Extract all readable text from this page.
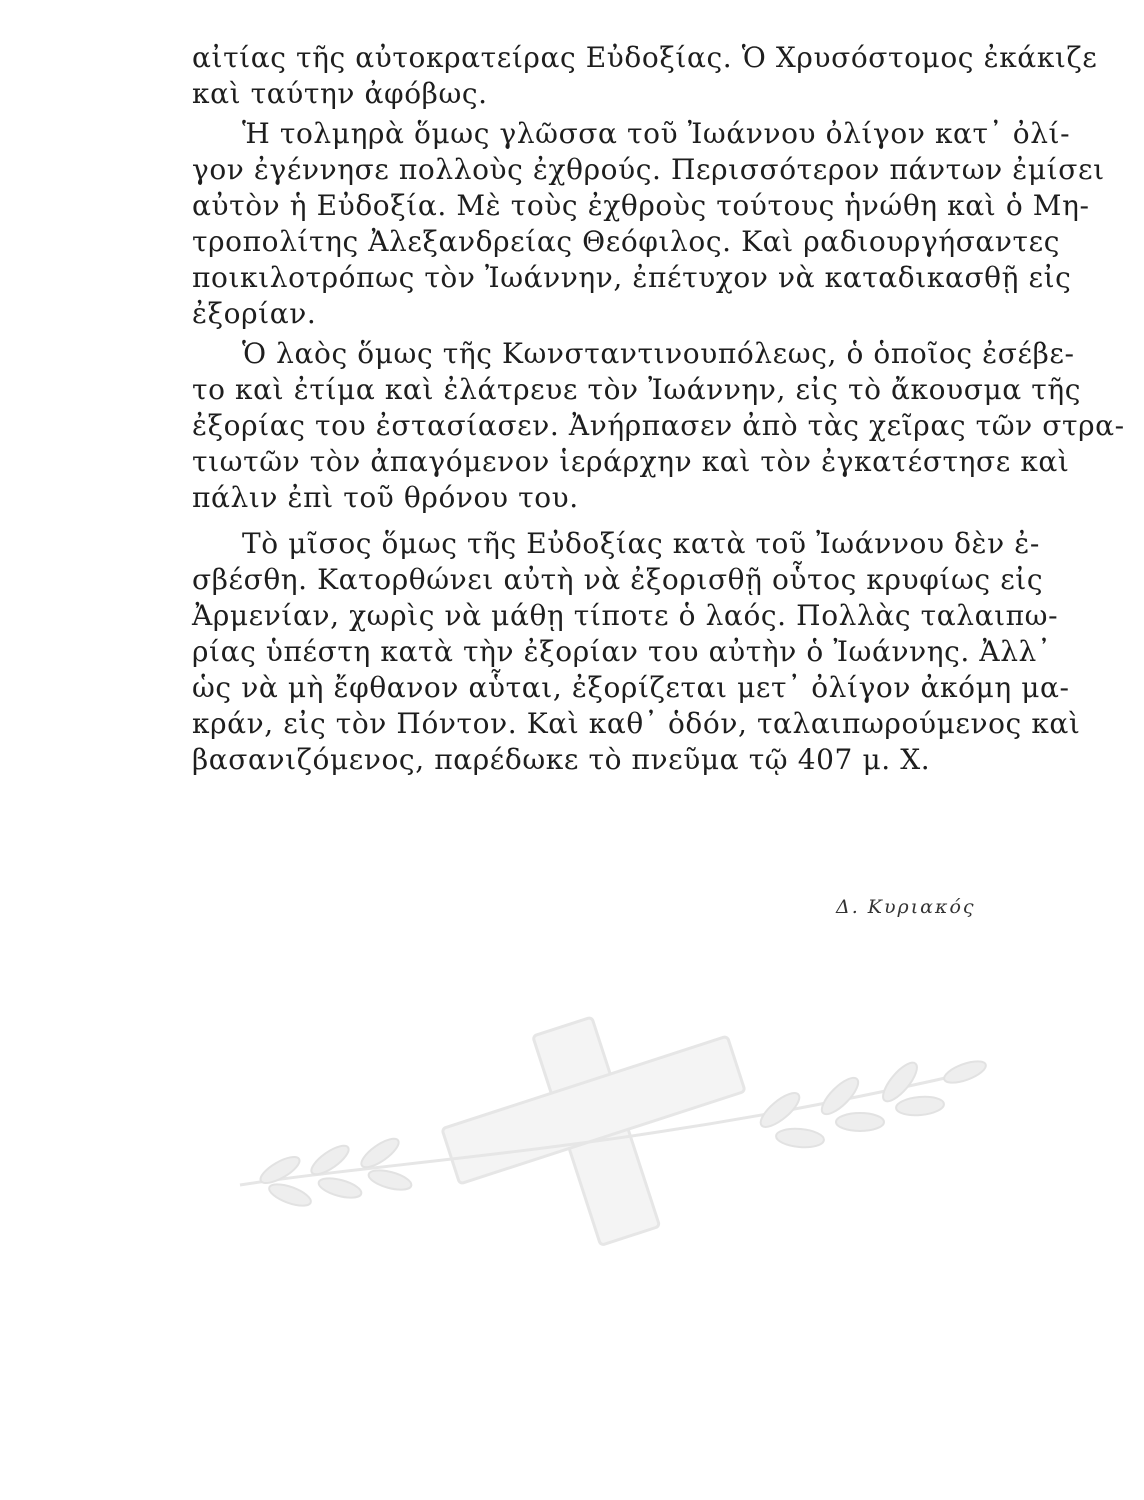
αἰτίας τῆς αὐτοκρατείρας Εὐδοξίας. Ὁ Χρυσόστομος ἐκάκιζε
καὶ ταύτην ἀφόβως.
Ἡ τολμηρὰ ὅμως γλῶσσα τοῦ Ἰωάννου ὀλίγον κατ᾽ ὀλί-
γον ἐγέννησε πολλοὺς ἐχθρούς. Περισσότερον πάντων ἐμίσει
αὐτὸν ἡ Εὐδοξία. Μὲ τοὺς ἐχθροὺς τούτους ἡνώθη καὶ ὁ Μη-
τροπολίτης Ἀλεξανδρείας Θεόφιλος. Καὶ ραδιουργήσαντες
ποικιλοτρόπως τὸν Ἰωάννην, ἐπέτυχον νὰ καταδικασθῇ εἰς
ἐξορίαν.
Ὁ λαὸς ὅμως τῆς Κωνσταντινουπόλεως, ὁ ὁποῖος ἐσέβε-
το καὶ ἐτίμα καὶ ἐλάτρευε τὸν Ἰωάννην, εἰς τὸ ἄκουσμα τῆς
ἐξορίας του ἐστασίασεν. Ἀνήρπασεν ἀπὸ τὰς χεῖρας τῶν στρα-
τιωτῶν τὸν ἀπαγόμενον ἱεράρχην καὶ τὸν ἐγκατέστησε καὶ
πάλιν ἐπὶ τοῦ θρόνου του.
Τὸ μῖσος ὅμως τῆς Εὐδοξίας κατὰ τοῦ Ἰωάννου δὲν ἐ-
σβέσθη. Κατορθώνει αὐτὴ νὰ ἐξορισθῇ οὗτος κρυφίως εἰς
Ἀρμενίαν, χωρὶς νὰ μάθῃ τίποτε ὁ λαός. Πολλὰς ταλαιπω-
ρίας ὑπέστη κατὰ τὴν ἐξορίαν του αὐτὴν ὁ Ἰωάννης. Ἀλλ᾽
ὡς νὰ μὴ ἔφθανον αὗται, ἐξορίζεται μετ᾽ ὀλίγον ἀκόμη μα-
κράν, εἰς τὸν Πόντον. Καὶ καθ᾽ ὁδόν, ταλαιπωρούμενος καὶ
βασανιζόμενος, παρέδωκε τὸ πνεῦμα τῷ 407 μ. Χ.
Δ. Κυριακός
